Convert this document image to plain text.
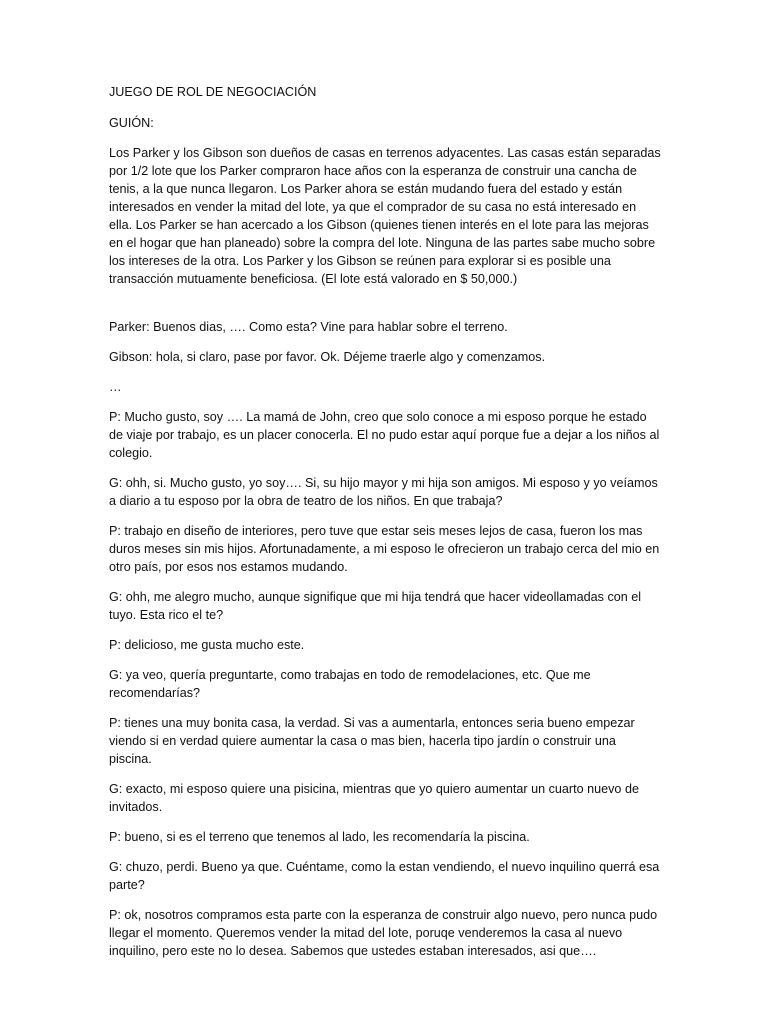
JUEGO DE ROL DE NEGOCIACIÓN

GUIÓN:

Los Parker y los Gibson son dueños de casas en terrenos adyacentes. Las casas están separadas por 1/2 lote que los Parker compraron hace años con la esperanza de construir una cancha de tenis, a la que nunca llegaron. Los Parker ahora se están mudando fuera del estado y están interesados en vender la mitad del lote, ya que el comprador de su casa no está interesado en ella. Los Parker se han acercado a los Gibson (quienes tienen interés en el lote para las mejoras en el hogar que han planeado) sobre la compra del lote. Ninguna de las partes sabe mucho sobre los intereses de la otra. Los Parker y los Gibson se reúnen para explorar si es posible una transacción mutuamente beneficiosa. (El lote está valorado en $ 50,000.)

Parker: Buenos dias, …. Como esta? Vine para hablar sobre el terreno.

Gibson: hola, si claro, pase por favor. Ok. Déjeme traerle algo y comenzamos.

…

P: Mucho gusto, soy …. La mamá de John, creo que solo conoce a mi esposo porque he estado de viaje por trabajo, es un placer conocerla. El no pudo estar aquí porque fue a dejar a los niños al colegio.

G: ohh, si. Mucho gusto, yo soy…. Si, su hijo mayor y mi hija son amigos. Mi esposo y yo veíamos a diario a tu esposo por la obra de teatro de los niños. En que trabaja?

P: trabajo en diseño de interiores, pero tuve que estar seis meses lejos de casa, fueron los mas duros meses sin mis hijos. Afortunadamente, a mi esposo le ofrecieron un trabajo cerca del mio en otro país, por esos nos estamos mudando.

G: ohh, me alegro mucho, aunque signifique que mi hija tendrá que hacer videollamadas con el tuyo. Esta rico el te?

P: delicioso, me gusta mucho este.

G: ya veo, quería preguntarte, como trabajas en todo de remodelaciones, etc. Que me recomendarías?

P: tienes una muy bonita casa, la verdad. Si vas a aumentarla, entonces seria bueno empezar viendo si en verdad quiere aumentar la casa o mas bien, hacerla tipo jardín o construir una piscina.

G: exacto, mi esposo quiere una pisicina, mientras que yo quiero aumentar un cuarto nuevo de invitados.

P: bueno, si es el terreno que tenemos al lado, les recomendaría la piscina.

G: chuzo, perdi. Bueno ya que. Cuéntame, como la estan vendiendo, el nuevo inquilino querrá esa parte?

P: ok, nosotros compramos esta parte con la esperanza de construir algo nuevo, pero nunca pudo llegar el momento. Queremos vender la mitad del lote, poruqe venderemos la casa al nuevo inquilino, pero este no lo desea. Sabemos que ustedes estaban interesados, asi que….
